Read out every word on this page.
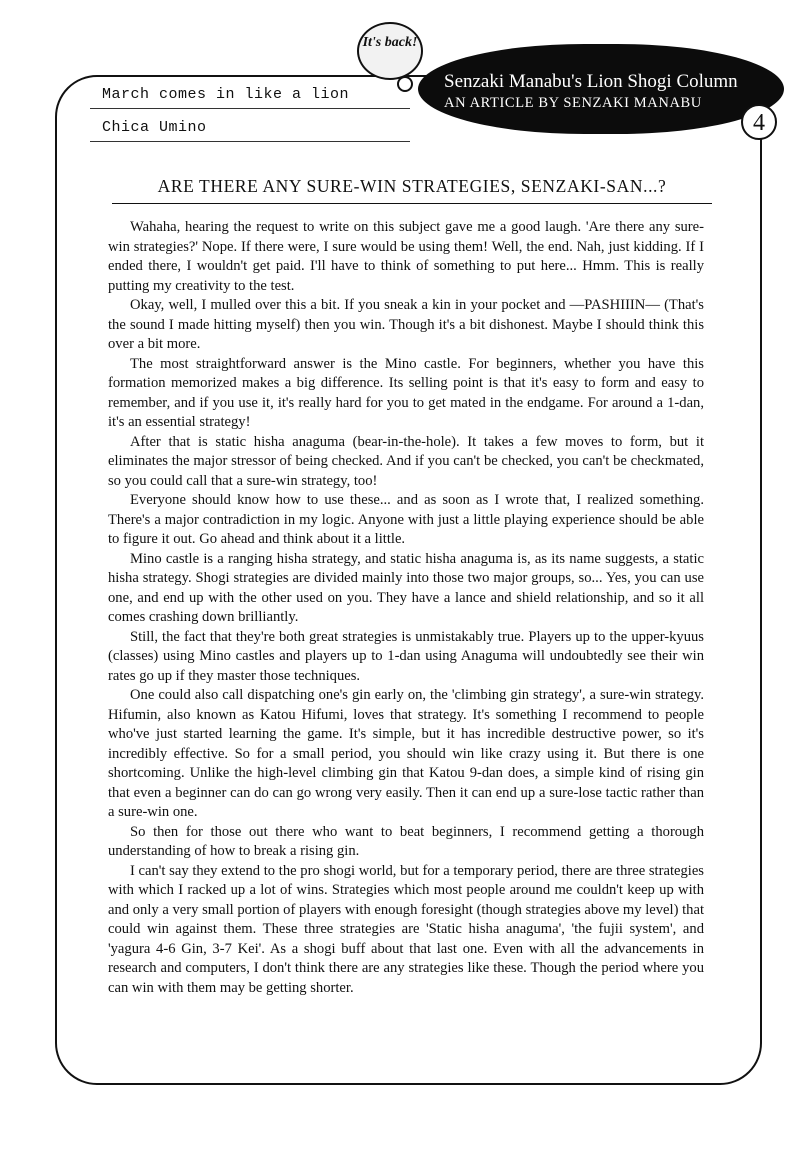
March comes in like a lion
Chica Umino
It's back!
Senzaki Manabu's Lion Shogi Column
AN ARTICLE BY SENZAKI MANABU
4
ARE THERE ANY SURE-WIN STRATEGIES, SENZAKI-SAN...?

Wahaha, hearing the request to write on this subject gave me a good laugh. 'Are there any sure-win strategies?' Nope. If there were, I sure would be using them! Well, the end. Nah, just kidding. If I ended there, I wouldn't get paid. I'll have to think of something to put here... Hmm. This is really putting my creativity to the test.

Okay, well, I mulled over this a bit. If you sneak a kin in your pocket and —PASHIIIN— (That's the sound I made hitting myself) then you win. Though it's a bit dishonest. Maybe I should think this over a bit more.

The most straightforward answer is the Mino castle. For beginners, whether you have this formation memorized makes a big difference. Its selling point is that it's easy to form and easy to remember, and if you use it, it's really hard for you to get mated in the endgame. For around a 1-dan, it's an essential strategy!

After that is static hisha anaguma (bear-in-the-hole). It takes a few moves to form, but it eliminates the major stressor of being checked. And if you can't be checked, you can't be checkmated, so you could call that a sure-win strategy, too!

Everyone should know how to use these... and as soon as I wrote that, I realized something. There's a major contradiction in my logic. Anyone with just a little playing experience should be able to figure it out. Go ahead and think about it a little.

Mino castle is a ranging hisha strategy, and static hisha anaguma is, as its name suggests, a static hisha strategy. Shogi strategies are divided mainly into those two major groups, so... Yes, you can use one, and end up with the other used on you. They have a lance and shield relationship, and so it all comes crashing down brilliantly.

Still, the fact that they're both great strategies is unmistakably true. Players up to the upper-kyuus (classes) using Mino castles and players up to 1-dan using Anaguma will undoubtedly see their win rates go up if they master those techniques.

One could also call dispatching one's gin early on, the 'climbing gin strategy', a sure-win strategy. Hifumin, also known as Katou Hifumi, loves that strategy. It's something I recommend to people who've just started learning the game. It's simple, but it has incredible destructive power, so it's incredibly effective. So for a small period, you should win like crazy using it. But there is one shortcoming. Unlike the high-level climbing gin that Katou 9-dan does, a simple kind of rising gin that even a beginner can do can go wrong very easily. Then it can end up a sure-lose tactic rather than a sure-win one.

So then for those out there who want to beat beginners, I recommend getting a thorough understanding of how to break a rising gin.

I can't say they extend to the pro shogi world, but for a temporary period, there are three strategies with which I racked up a lot of wins. Strategies which most people around me couldn't keep up with and only a very small portion of players with enough foresight (though strategies above my level) that could win against them. These three strategies are 'Static hisha anaguma', 'the fujii system', and 'yagura 4-6 Gin, 3-7 Kei'. As a shogi buff about that last one. Even with all the advancements in research and computers, I don't think there are any strategies like these. Though the period where you can win with them may be getting shorter.
